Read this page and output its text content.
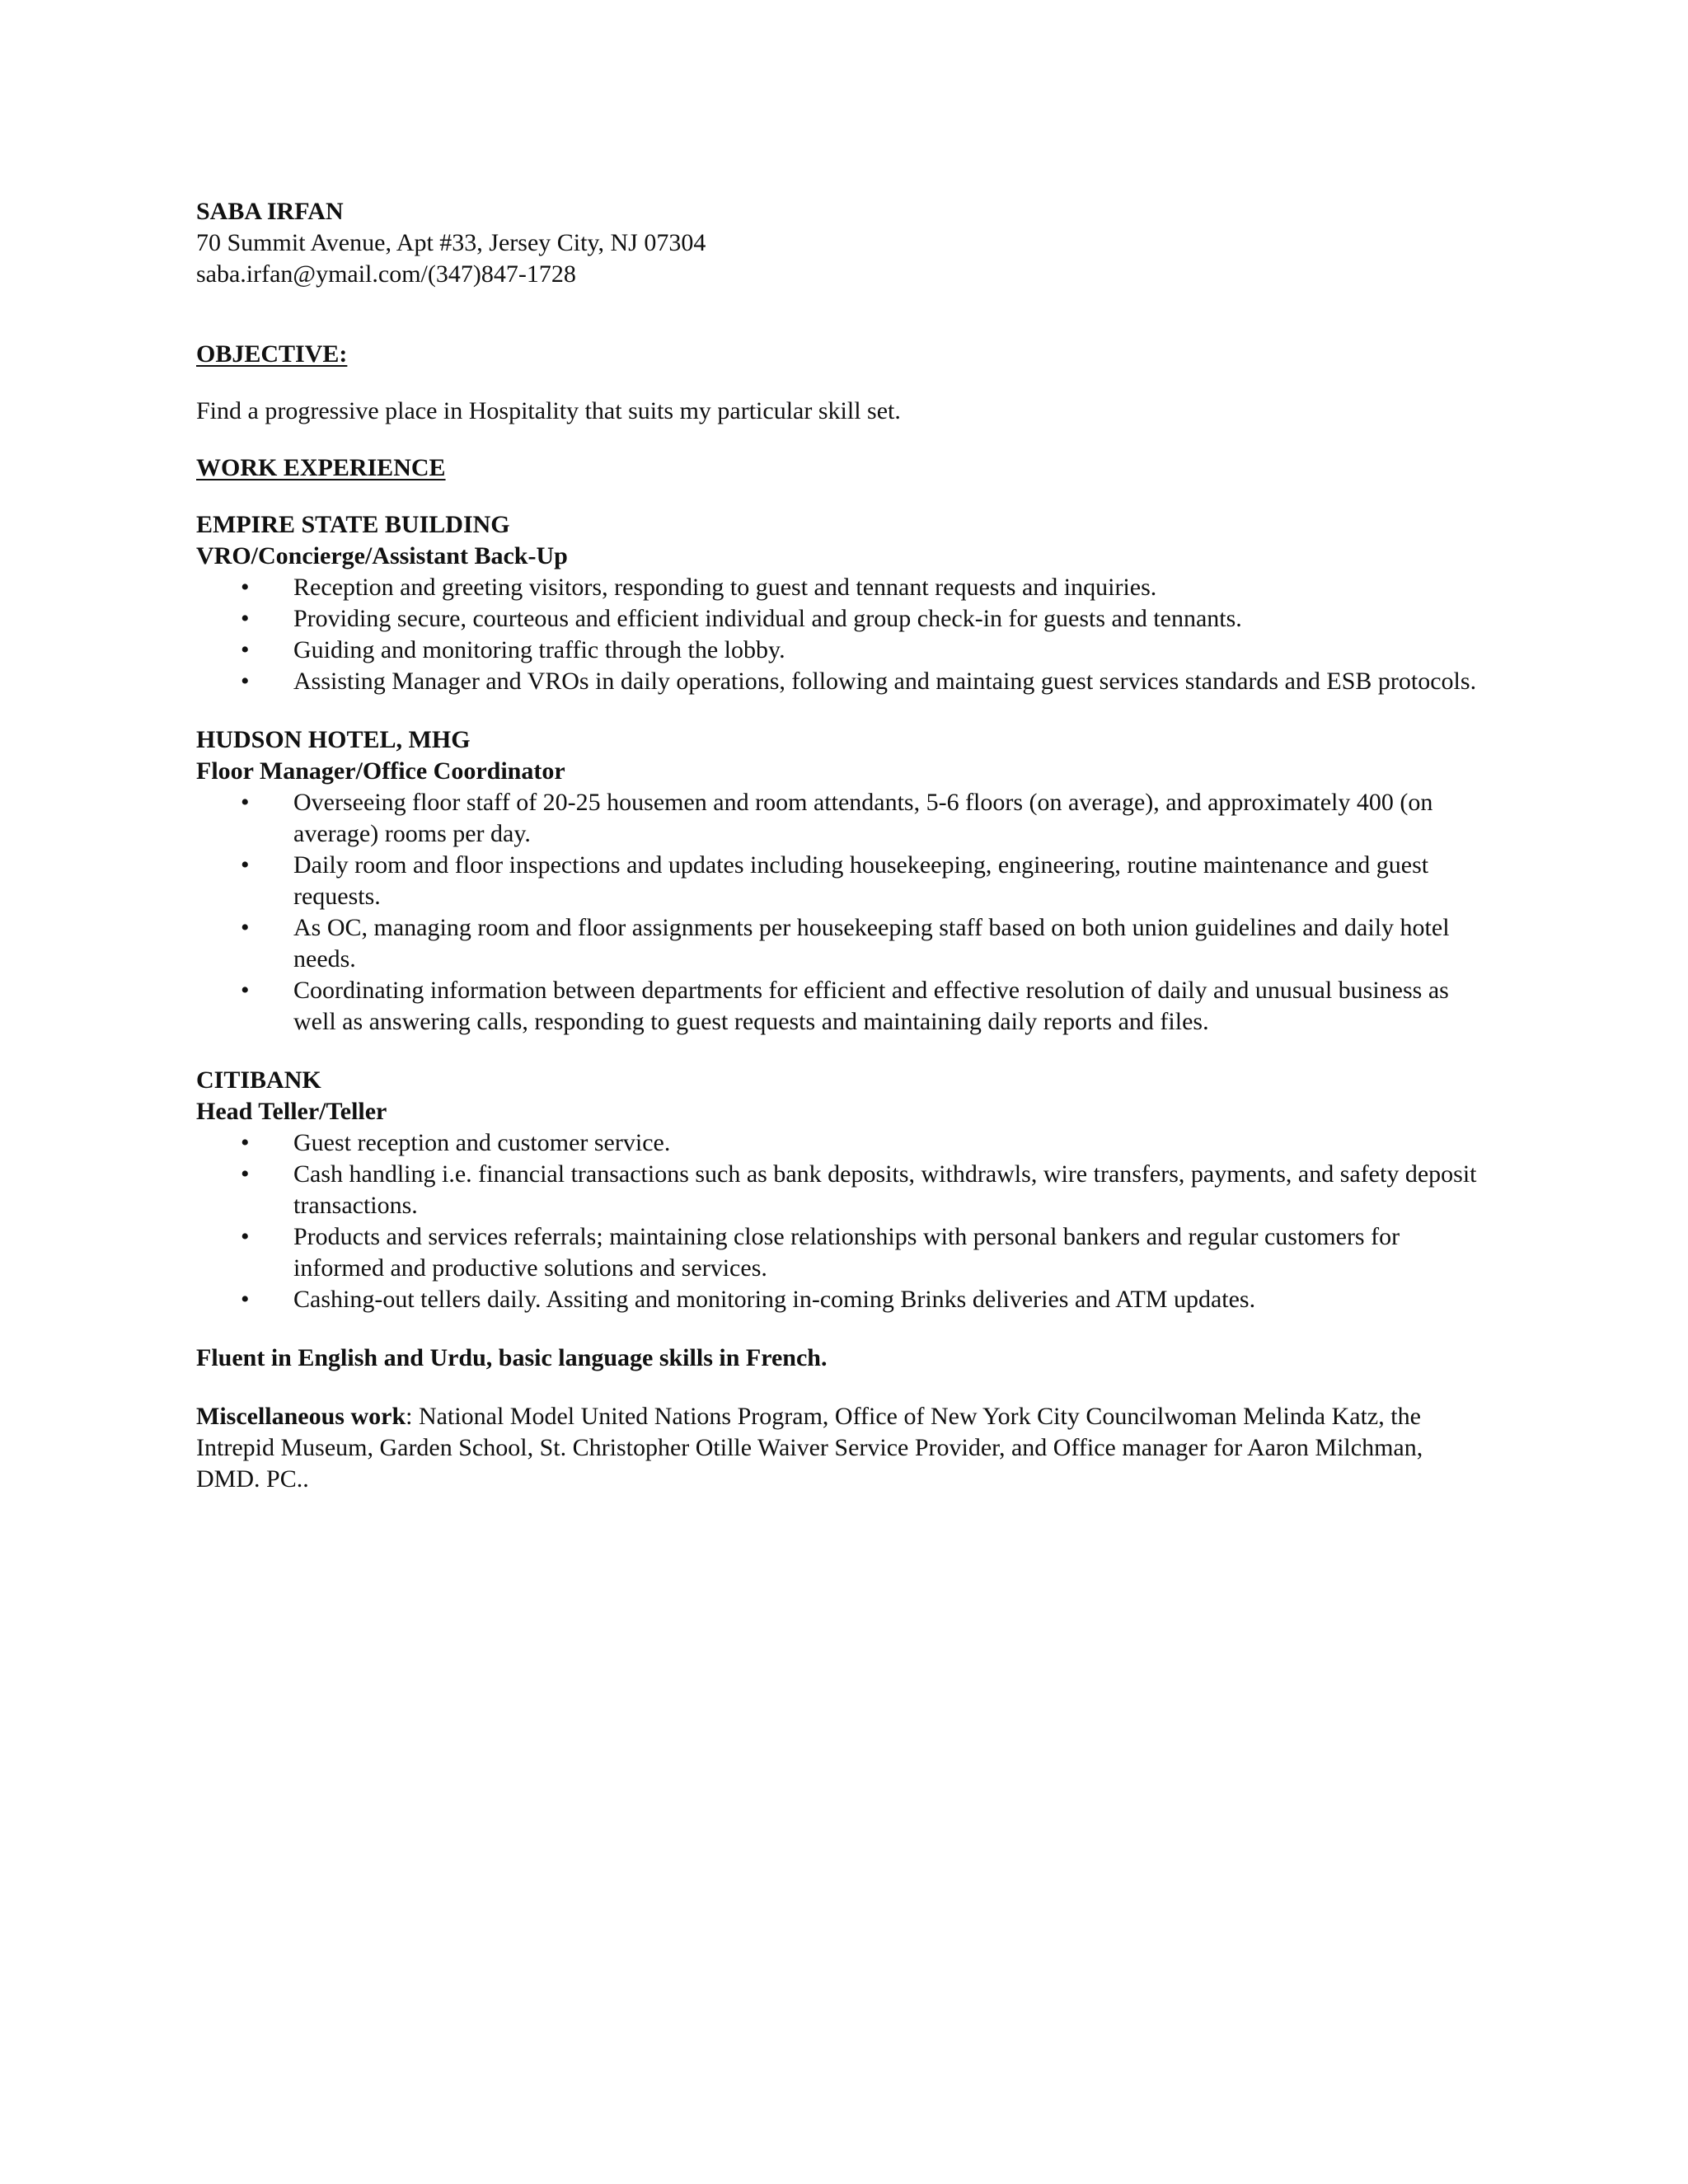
SABA IRFAN

70 Summit Avenue, Apt #33, Jersey City, NJ 07304

saba.irfan@ymail.com/(347)847-1728

OBJECTIVE:

Find a progressive place in Hospitality that suits my particular skill set.

WORK EXPERIENCE

EMPIRE STATE BUILDING

VRO/Concierge/Assistant Back-Up

• Reception and greeting visitors, responding to guest and tennant requests and inquiries.
• Providing secure, courteous and efficient individual and group check-in for guests and tennants.
• Guiding and monitoring traffic through the lobby.
• Assisting Manager and VROs in daily operations, following and maintaing guest services standards and ESB protocols.

HUDSON HOTEL, MHG

Floor Manager/Office Coordinator

• Overseeing floor staff of 20-25 housemen and room attendants, 5-6 floors (on average), and approximately 400 (on average) rooms per day.
• Daily room and floor inspections and updates including housekeeping, engineering, routine maintenance and guest requests.
• As OC, managing room and floor assignments per housekeeping staff based on both union guidelines and daily hotel needs.
• Coordinating information between departments for efficient and effective resolution of daily and unusual business as well as answering calls, responding to guest requests and maintaining daily reports and files.

CITIBANK

Head Teller/Teller

• Guest reception and customer service.
• Cash handling i.e. financial transactions such as bank deposits, withdrawls, wire transfers, payments, and safety deposit transactions.
• Products and services referrals; maintaining close relationships with personal bankers and regular customers for informed and productive solutions and services.
• Cashing-out tellers daily. Assiting and monitoring in-coming Brinks deliveries and ATM updates.

Fluent in English and Urdu, basic language skills in French.

Miscellaneous work: National Model United Nations Program, Office of New York City Councilwoman Melinda Katz, the Intrepid Museum, Garden School, St. Christopher Otille Waiver Service Provider, and Office manager for Aaron Milchman, DMD. PC..
